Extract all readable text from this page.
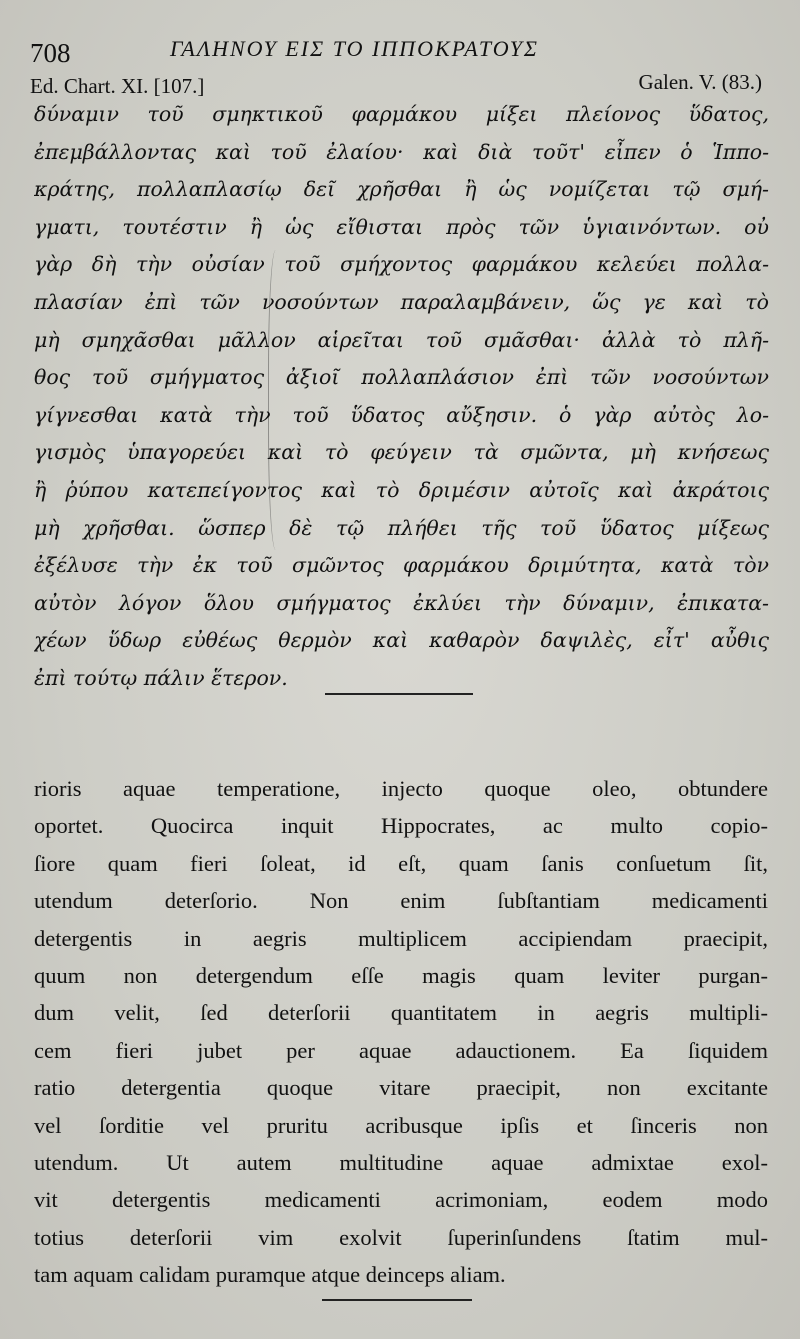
708	ΓΑΛΗΝΟΥ ΕΙΣ ΤΟ ΙΠΠΟΚΡΑΤΟΥΣ
Ed. Chart. XI. [107.]	Galen. V. (83.)
δύναμιν τοῦ σμηκτικοῦ φαρμάκου μίξει πλείονος ὕδατος,
ἐπεμβάλλοντας καὶ τοῦ ἐλαίου· καὶ διὰ τοῦτ' εἶπεν ὁ Ἱππο-
κράτης, πολλαπλασίῳ δεῖ χρῆσθαι ἢ ὡς νομίζεται τῷ σμή-
γματι, τουτέστιν ἢ ὡς εἴθισται πρὸς τῶν ὑγιαινόντων. οὐ
γὰρ δὴ τὴν οὐσίαν τοῦ σμήχοντος φαρμάκου κελεύει πολλα-
πλασίαν ἐπὶ τῶν νοσούντων παραλαμβάνειν, ὥς γε καὶ τὸ
μὴ σμηχᾶσθαι μᾶλλον αἱρεῖται τοῦ σμᾶσθαι· ἀλλὰ τὸ πλῆ-
θος τοῦ σμήγματος ἀξιοῖ πολλαπλάσιον ἐπὶ τῶν νοσούντων
γίγνεσθαι κατὰ τὴν τοῦ ὕδατος αὔξησιν. ὁ γὰρ αὐτὸς λο-
γισμὸς ὑπαγορεύει καὶ τὸ φεύγειν τὰ σμῶντα, μὴ κνήσεως
ἢ ῥύπου κατεπείγοντος καὶ τὸ δριμέσιν αὐτοῖς καὶ ἀκράτοις
μὴ χρῆσθαι. ὥσπερ δὲ τῷ πλήθει τῆς τοῦ ὕδατος μίξεως
ἐξέλυσε τὴν ἐκ τοῦ σμῶντος φαρμάκου δριμύτητα, κατὰ τὸν
αὐτὸν λόγον ὅλου σμήγματος ἐκλύει τὴν δύναμιν, ἐπικατα-
χέων ὕδωρ εὐθέως θερμὸν καὶ καθαρὸν δαψιλὲς, εἶτ' αὖθις
ἐπὶ τούτῳ πάλιν ἕτερον.
rioris aquae temperatione, injecto quoque oleo, obtundere
oportet. Quocirca inquit Hippocrates, ac multo copio-
ſiore quam fieri ſoleat, id eſt, quam ſanis conſuetum ſit,
utendum deterſorio. Non enim ſubſtantiam medicamenti
detergentis in aegris multiplicem accipiendam praecipit,
quum non detergendum eſſe magis quam leviter purgan-
dum velit, ſed deterſorii quantitatem in aegris multipli-
cem fieri jubet per aquae adauctionem. Ea ſiquidem
ratio detergentia quoque vitare praecipit, non excitante
vel ſorditie vel pruritu acribusque ipſis et ſinceris non
utendum. Ut autem multitudine aquae admixtae exol-
vit detergentis medicamenti acrimoniam, eodem modo
totius deterſorii vim exolvit ſuperinſundens ſtatim mul-
tam aquam calidam puramque atque deinceps aliam.
